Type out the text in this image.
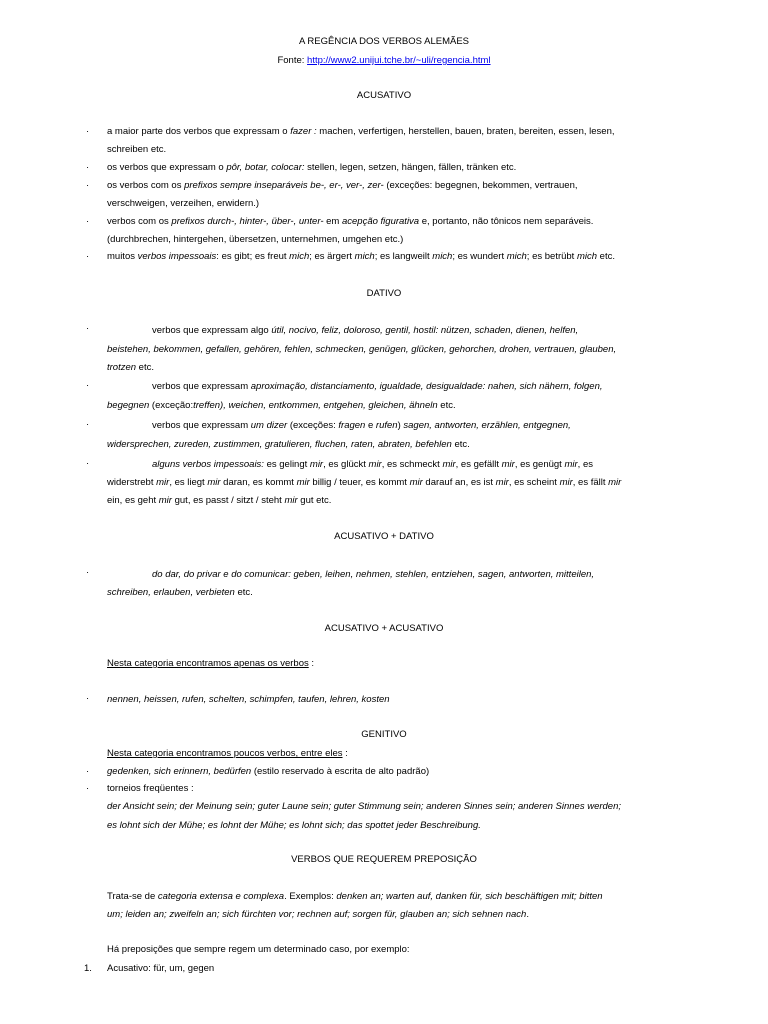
A REGÊNCIA DOS VERBOS ALEMÃES
Fonte: http://www2.unijui.tche.br/~uli/regencia.html
ACUSATIVO
· a maior parte dos verbos que expressam o fazer : machen, verfertigen, herstellen, bauen, braten, bereiten, essen, lesen,
schreiben etc.
· os verbos que expressam o pôr, botar, colocar: stellen, legen, setzen, hängen, fällen, tränken etc.
· os verbos com os prefixos sempre inseparáveis be-, er-, ver-, zer- (exceções: begegnen, bekommen, vertrauen,
verschweigen, verzeihen, erwidern.)
· verbos com os prefixos durch-, hinter-, über-, unter- em acepção figurativa e, portanto, não tônicos nem separáveis.
(durchbrechen, hintergehen, übersetzen, unternehmen, umgehen etc.)
· muitos verbos impessoais: es gibt; es freut mich; es ärgert mich; es langweilt mich; es wundert mich; es betrübt mich etc.
DATIVO
·	verbos que expressam algo útil, nocivo, feliz, doloroso, gentil, hostil: nützen, schaden, dienen, helfen,
beistehen, bekommen, gefallen, gehören, fehlen, schmecken, genügen, glücken, gehorchen, drohen, vertrauen, glauben,
trotzen etc.
·	verbos que expressam aproximação, distanciamento, igualdade, desigualdade: nahen, sich nähern, folgen,
begegnen (exceção:treffen), weichen, entkommen, entgehen, gleichen, ähneln etc.
·	verbos que expressam um dizer (exceções: fragen e rufen) sagen, antworten, erzählen, entgegnen,
widersprechen, zureden, zustimmen, gratulieren, fluchen, raten, abraten, befehlen etc.
·	alguns verbos impessoais: es gelingt mir, es glückt mir, es schmeckt mir, es gefällt mir, es genügt mir, es
widerstrebt mir, es liegt mir daran, es kommt mir billig / teuer, es kommt mir darauf an, es ist mir, es scheint mir, es fällt mir
ein, es geht mir gut, es passt / sitzt / steht mir gut etc.
ACUSATIVO + DATIVO
·	do dar, do privar e do comunicar: geben, leihen, nehmen, stehlen, entziehen, sagen, antworten, mitteilen,
schreiben, erlauben, verbieten etc.
ACUSATIVO + ACUSATIVO
Nesta categoria encontramos apenas os verbos :
· nennen, heissen, rufen, schelten, schimpfen, taufen, lehren, kosten
GENITIVO
Nesta categoria encontramos poucos verbos, entre eles :
· gedenken, sich erinnern, bedürfen (estilo reservado à escrita de alto padrão)
· torneios freqüentes :
der Ansicht sein; der Meinung sein; guter Laune sein; guter Stimmung sein; anderen Sinnes sein; anderen Sinnes werden;
es lohnt sich der Mühe; es lohnt der Mühe; es lohnt sich; das spottet jeder Beschreibung.
VERBOS QUE REQUEREM PREPOSIÇÃO
Trata-se de categoria extensa e complexa. Exemplos: denken an; warten auf, danken für, sich beschäftigen mit; bitten
um; leiden an; zweifeln an; sich fürchten vor; rechnen auf; sorgen für, glauben an; sich sehnen nach.
Há preposições que sempre regem um determinado caso, por exemplo:
1. Acusativo: für, um, gegen
